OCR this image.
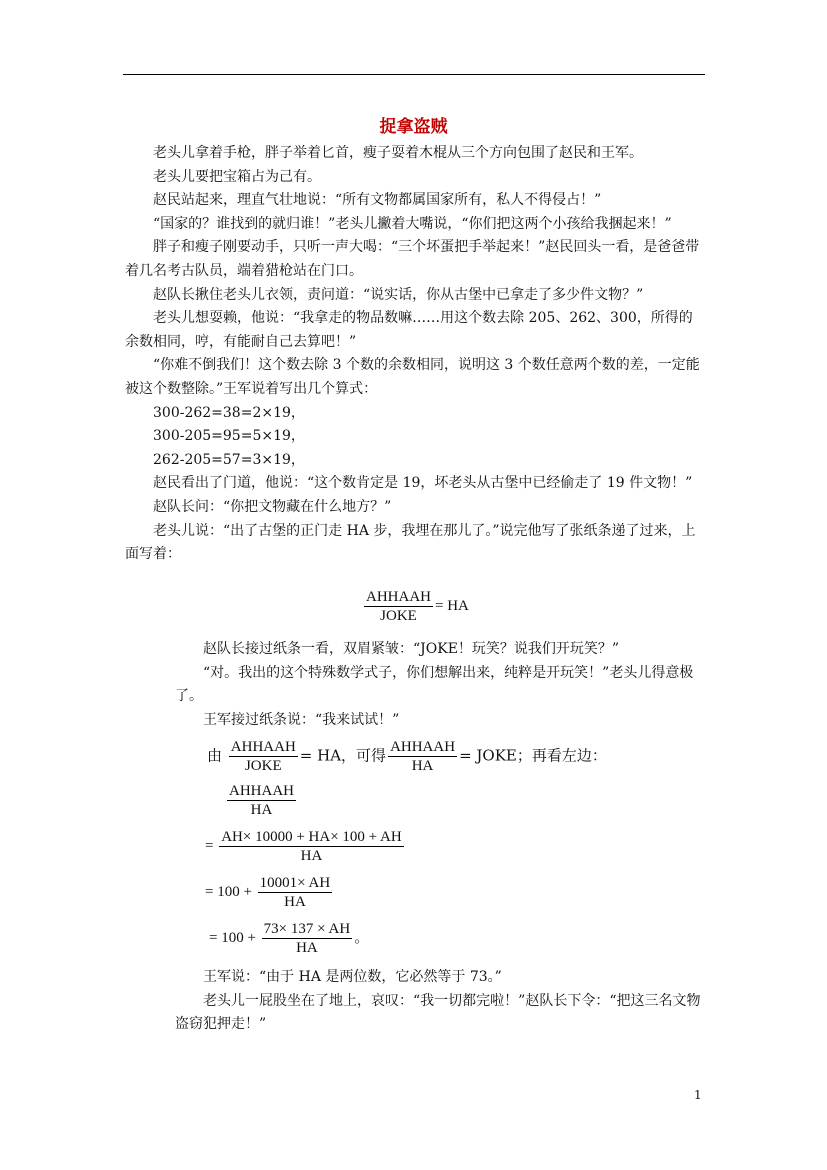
捉拿盗贼

老头儿拿着手枪，胖子举着匕首，瘦子耍着木棍从三个方向包围了赵民和王军。

老头儿要把宝箱占为己有。

赵民站起来，理直气壮地说：“所有文物都属国家所有，私人不得侵占！”

“国家的？谁找到的就归谁！”老头儿撇着大嘴说，“你们把这两个小孩给我捆起来！”

胖子和瘦子刚要动手，只听一声大喝：“三个坏蛋把手举起来！”赵民回头一看，是爸爸带着几名考古队员，端着猎枪站在门口。

赵队长揪住老头儿衣领，责问道：“说实话，你从古堡中已拿走了多少件文物？”

老头儿想耍赖，他说：“我拿走的物品数嘛……用这个数去除 205、262、300，所得的余数相同，哼，有能耐自己去算吧！”

“你难不倒我们！这个数去除 3 个数的余数相同，说明这 3 个数任意两个数的差，一定能被这个数整除。”王军说着写出几个算式：

300-262=38=2×19，

300-205=95=5×19，

262-205=57=3×19，

赵民看出了门道，他说：“这个数肯定是 19，坏老头从古堡中已经偷走了 19 件文物！”

赵队长问：“你把文物藏在什么地方？”

老头儿说：“出了古堡的正门走 HA 步，我埋在那儿了。”说完他写了张纸条递了过来，上面写着：

$\frac{\text{AHHAAH}}{\text{JOKE}}$ = HA

赵队长接过纸条一看，双眉紧皱：“JOKE！玩笑？说我们开玩笑？”

“对。我出的这个特殊数学式子，你们想解出来，纯粹是开玩笑！”老头儿得意极了。

王军接过纸条说：“我来试试！”

由 $\frac{\text{AHHAAH}}{\text{JOKE}}$ = HA，可得 $\frac{\text{AHHAAH}}{HA}$ = JOKE；再看左边：
$\frac{\text{AHHAAH}}{HA}$
= $\frac{AH\times 10000 + HA\times 100 + AH}{HA}$
= $100 + \frac{10001\times AH}{HA}$
= $100 + \frac{73\times 137 \times AH}{HA}$ 。

王军说：“由于 HA 是两位数，它必然等于 73。”

老头儿一屁股坐在了地上，哀叹：“我一切都完啦！”赵队长下令：“把这三名文物盗窃犯押走！”

1
